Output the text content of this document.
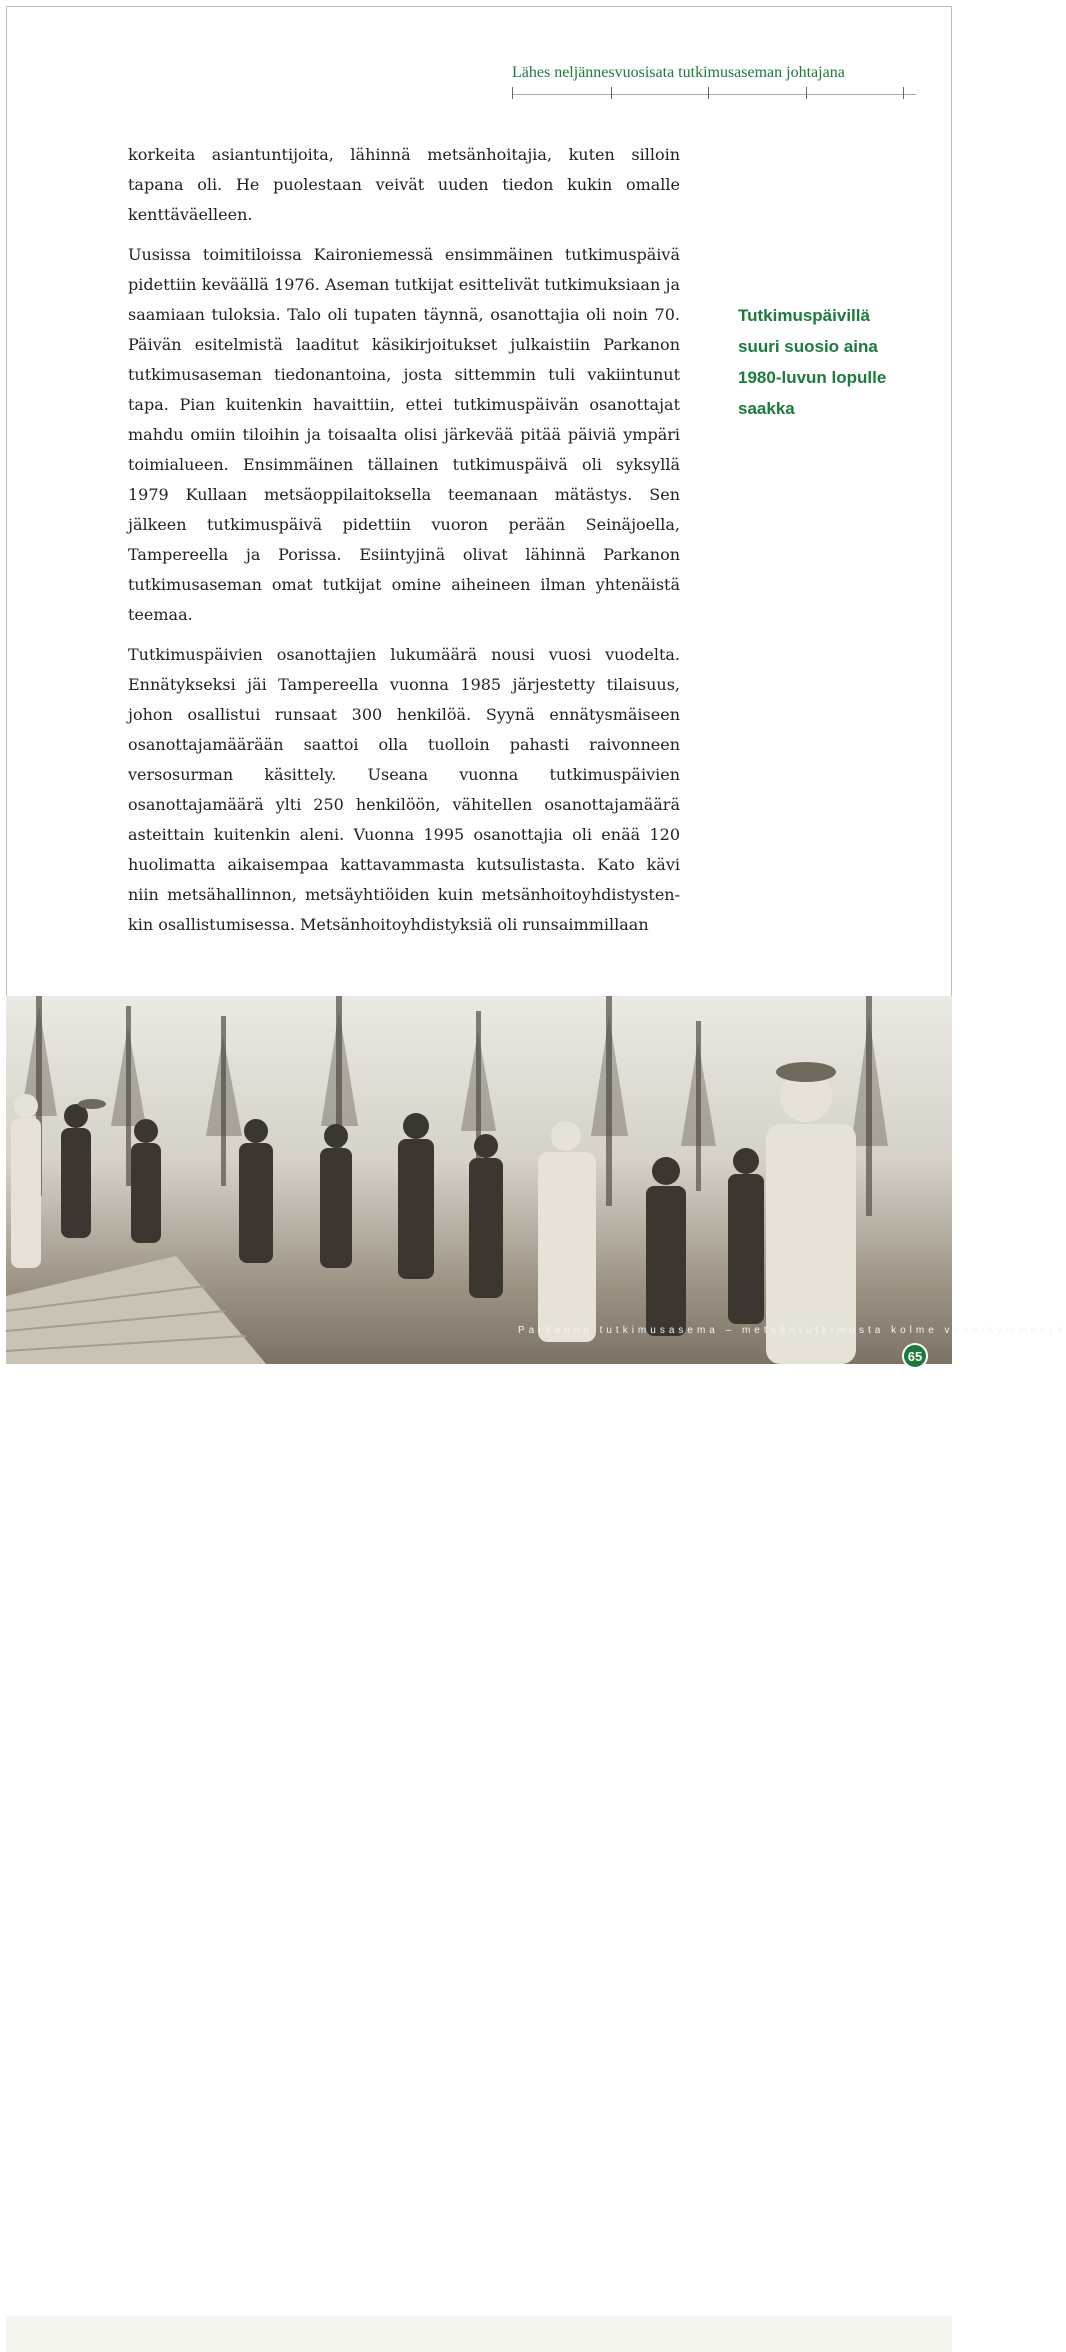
Lähes neljännesvuosisata tutkimusaseman johtajana

korkeita asiantuntijoita, lähinnä metsänhoitajia, kuten silloin tapana oli. He puolestaan veivät uuden tiedon kukin omalle kenttäväelleen.

Uusissa toimitiloissa Kaironiemessä ensimmäinen tutkimuspäivä pidettiin keväällä 1976. Aseman tutkijat esittelivät tutkimuksiaan ja saamiaan tuloksia. Talo oli tupaten täynnä, osanottajia oli noin 70. Päivän esitelmistä laaditut käsikirjoitukset julkaistiin Parkanon tutkimusaseman tiedonantoina, josta sittemmin tuli vakiintunut tapa. Pian kuitenkin havaittiin, ettei tutkimuspäivän osanottajat mahdu omiin tiloihin ja toisaalta olisi järkevää pitää päiviä ympäri toimialueen. Ensimmäinen tällainen tutkimuspäivä oli syksyllä 1979 Kullaan metsäoppilaitoksella teemanaan mätästys. Sen jälkeen tutkimuspäivä pidettiin vuoron perään Seinäjoella, Tampereella ja Porissa. Esiintyjinä olivat lähinnä Parkanon tutkimusaseman omat tutkijat omine aiheineen ilman yhtenäistä teemaa.

Tutkimuspäivien osanottajien lukumäärä nousi vuosi vuodelta. Ennätykseksi jäi Tampereella vuonna 1985 järjestetty tilaisuus, johon osallistui runsaat 300 henkilöä. Syynä ennätysmäiseen osanottajamäärään saattoi olla tuolloin pahasti raivonneen versosurman käsittely. Useana vuonna tutkimuspäivien osanottajamäärä ylti 250 henkilöön, vähitellen osanottajamäärä asteittain kuitenkin aleni. Vuonna 1995 osanottajia oli enää 120 huolimatta aikaisempaa kattavammasta kutsulistasta. Kato kävi niin metsähallinnon, metsäyhtiöiden kuin metsänhoitoyhdistystenkin osallistumisessa. Metsänhoitoyhdistyksiä oli runsaimmillaan

Tutkimuspäivillä
suuri suosio aina
1980-luvun lopulle
saakka
Parkanon tutkimusasema – metsäntutkimusta kolme vuosikymmentä
65
